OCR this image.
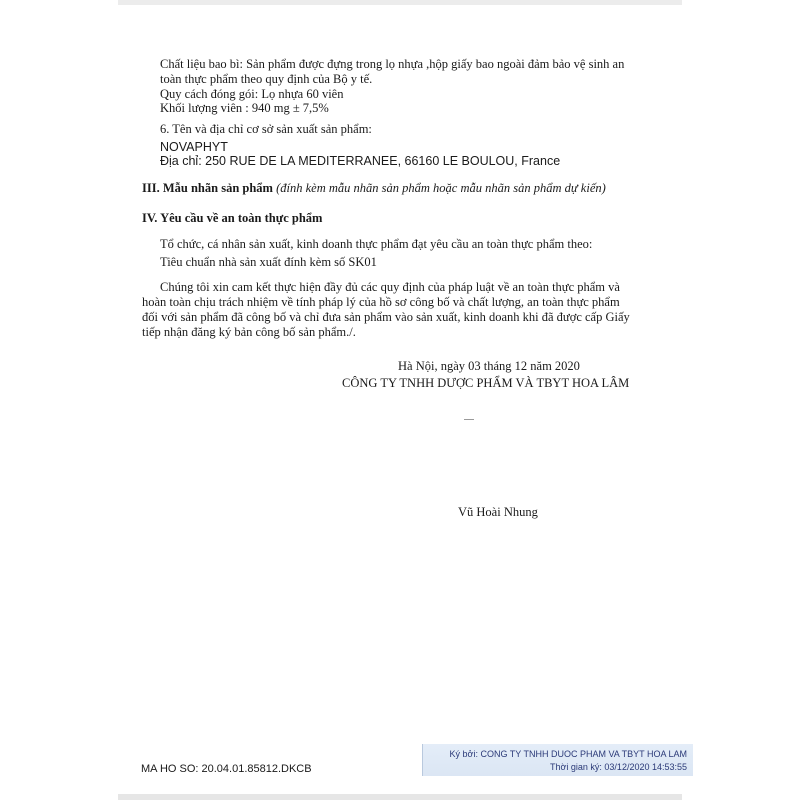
Chất liệu bao bì: Sản phẩm được đựng trong lọ nhựa ,hộp giấy bao ngoài đảm bảo vệ sinh an
toàn thực phẩm theo quy định của Bộ y tế.
Quy cách đóng gói: Lọ nhựa 60 viên
Khối lượng viên : 940 mg ± 7,5%
6. Tên và địa chỉ cơ sở sản xuất sản phẩm:
NOVAPHYT
Địa chỉ: 250 RUE DE LA MEDITERRANEE, 66160 LE BOULOU, France
III. Mẫu nhãn sản phẩm (đính kèm mẫu nhãn sản phẩm hoặc mẫu nhãn sản phẩm dự kiến)
IV. Yêu cầu về an toàn thực phẩm
Tổ chức, cá nhân sản xuất, kinh doanh thực phẩm đạt yêu cầu an toàn thực phẩm theo:
Tiêu chuẩn nhà sản xuất đính kèm số SK01
Chúng tôi xin cam kết thực hiện đầy đủ các quy định của pháp luật về an toàn thực phẩm và
hoàn toàn chịu trách nhiệm về tính pháp lý của hồ sơ công bố và chất lượng, an toàn thực phẩm
đối với sản phẩm đã công bố và chỉ đưa sản phẩm vào sản xuất, kinh doanh khi đã được cấp Giấy
tiếp nhận đăng ký bản công bố sản phẩm./.
Hà Nội, ngày 03 tháng 12 năm 2020
CÔNG TY TNHH DƯỢC PHẨM VÀ TBYT HOA LÂM
Vũ Hoài Nhung
MA HO SO: 20.04.01.85812.DKCB
Ký bởi: CONG TY TNHH DUOC PHAM VA TBYT HOA LAM
Thời gian ký: 03/12/2020 14:53:55
